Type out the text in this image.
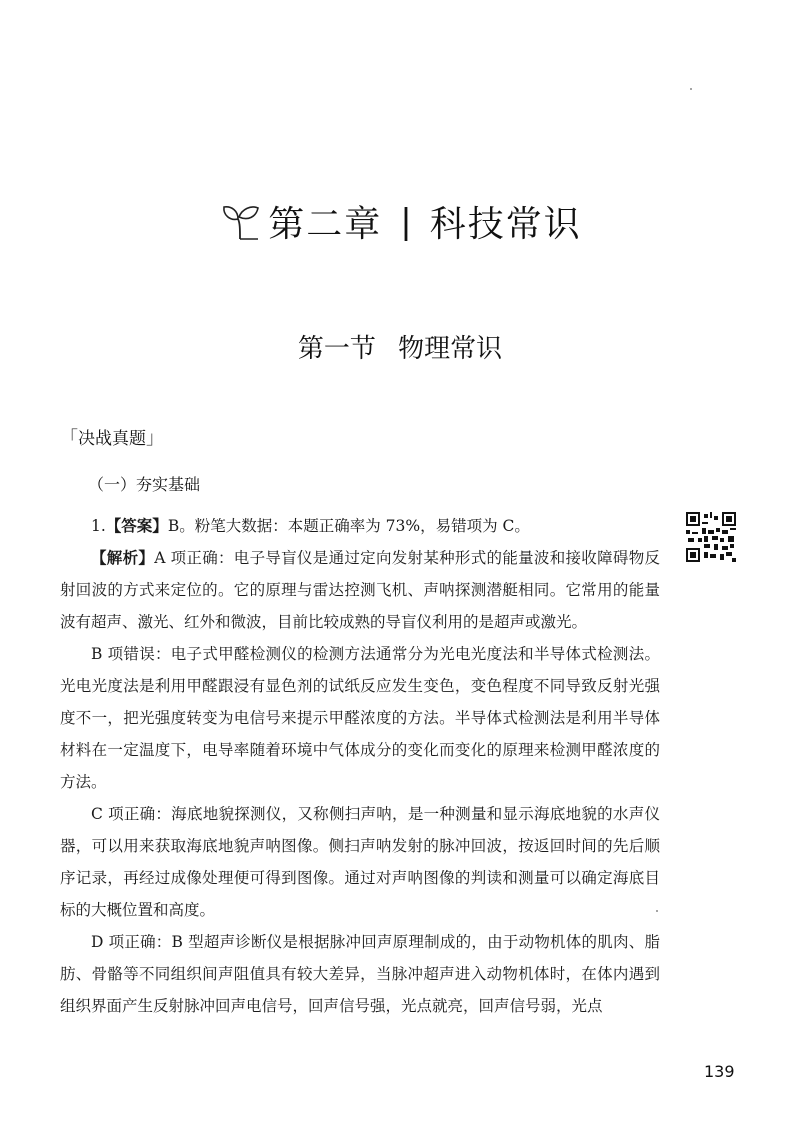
第二章 | 科技常识
第一节 物理常识
「决战真题」
（一）夯实基础

1.【答案】B。粉笔大数据：本题正确率为 73%，易错项为 C。

【解析】A 项正确：电子导盲仪是通过定向发射某种形式的能量波和接收障碍物反射回波的方式来定位的。它的原理与雷达控测飞机、声呐探测潜艇相同。它常用的能量波有超声、激光、红外和微波，目前比较成熟的导盲仪利用的是超声或激光。

B 项错误：电子式甲醛检测仪的检测方法通常分为光电光度法和半导体式检测法。光电光度法是利用甲醛跟浸有显色剂的试纸反应发生变色，变色程度不同导致反射光强度不一，把光强度转变为电信号来提示甲醛浓度的方法。半导体式检测法是利用半导体材料在一定温度下，电导率随着环境中气体成分的变化而变化的原理来检测甲醛浓度的方法。

C 项正确：海底地貌探测仪，又称侧扫声呐，是一种测量和显示海底地貌的水声仪器，可以用来获取海底地貌声呐图像。侧扫声呐发射的脉冲回波，按返回时间的先后顺序记录，再经过成像处理便可得到图像。通过对声呐图像的判读和测量可以确定海底目标的大概位置和高度。

D 项正确：B 型超声诊断仪是根据脉冲回声原理制成的，由于动物机体的肌肉、脂肪、骨骼等不同组织间声阻值具有较大差异，当脉冲超声进入动物机体时，在体内遇到组织界面产生反射脉冲回声电信号，回声信号强，光点就亮，回声信号弱，光点

139
